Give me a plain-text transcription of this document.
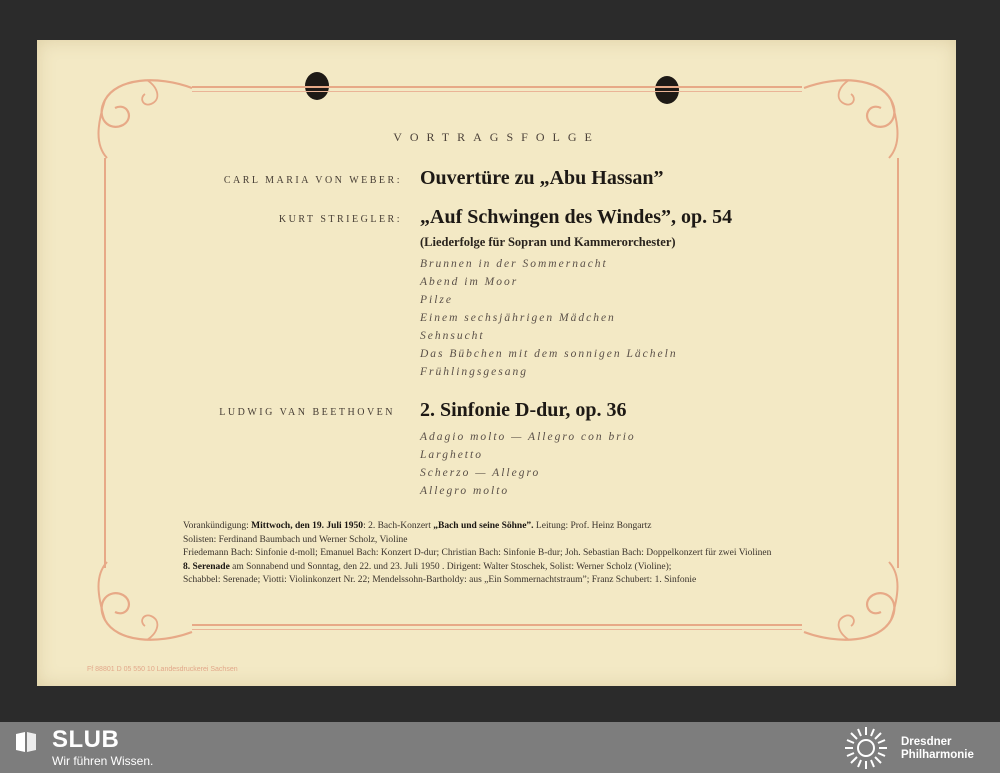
VORTRAGSFOLGE
CARL MARIA VON WEBER: Ouvertüre zu „Abu Hassan”
KURT STRIEGLER: „Auf Schwingen des Windes”, op. 54
(Liederfolge für Sopran und Kammerorchester)
Brunnen in der Sommernacht
Abend im Moor
Pilze
Einem sechsjährigen Mädchen
Sehnsucht
Das Bübchen mit dem sonnigen Lächeln
Frühlingsgesang
LUDWIG VAN BEETHOVEN 2. Sinfonie D-dur, op. 36
Adagio molto — Allegro con brio
Larghetto
Scherzo — Allegro
Allegro molto
Vorankündigung: Mittwoch, den 19. Juli 1950: 2. Bach-Konzert „Bach und seine Söhne”. Leitung: Prof. Heinz Bongartz
Solisten: Ferdinand Baumbach und Werner Scholz, Violine
Friedemann Bach: Sinfonie d-moll; Emanuel Bach: Konzert D-dur; Christian Bach: Sinfonie B-dur; Joh. Sebastian Bach: Doppelkonzert für zwei Violinen
8. Serenade am Sonnabend und Sonntag, den 22. und 23. Juli 1950 . Dirigent: Walter Stoschek, Solist: Werner Scholz (Violine);
Schabbel: Serenade; Viotti: Violinkonzert Nr. 22; Mendelssohn-Bartholdy: aus „Ein Sommernachtstraum”; Franz Schubert: 1. Sinfonie
Ff 88801 D 05 550 10 Landesdruckerei Sachsen
SLUB
Wir führen Wissen.
Dresdner
Philharmonie
